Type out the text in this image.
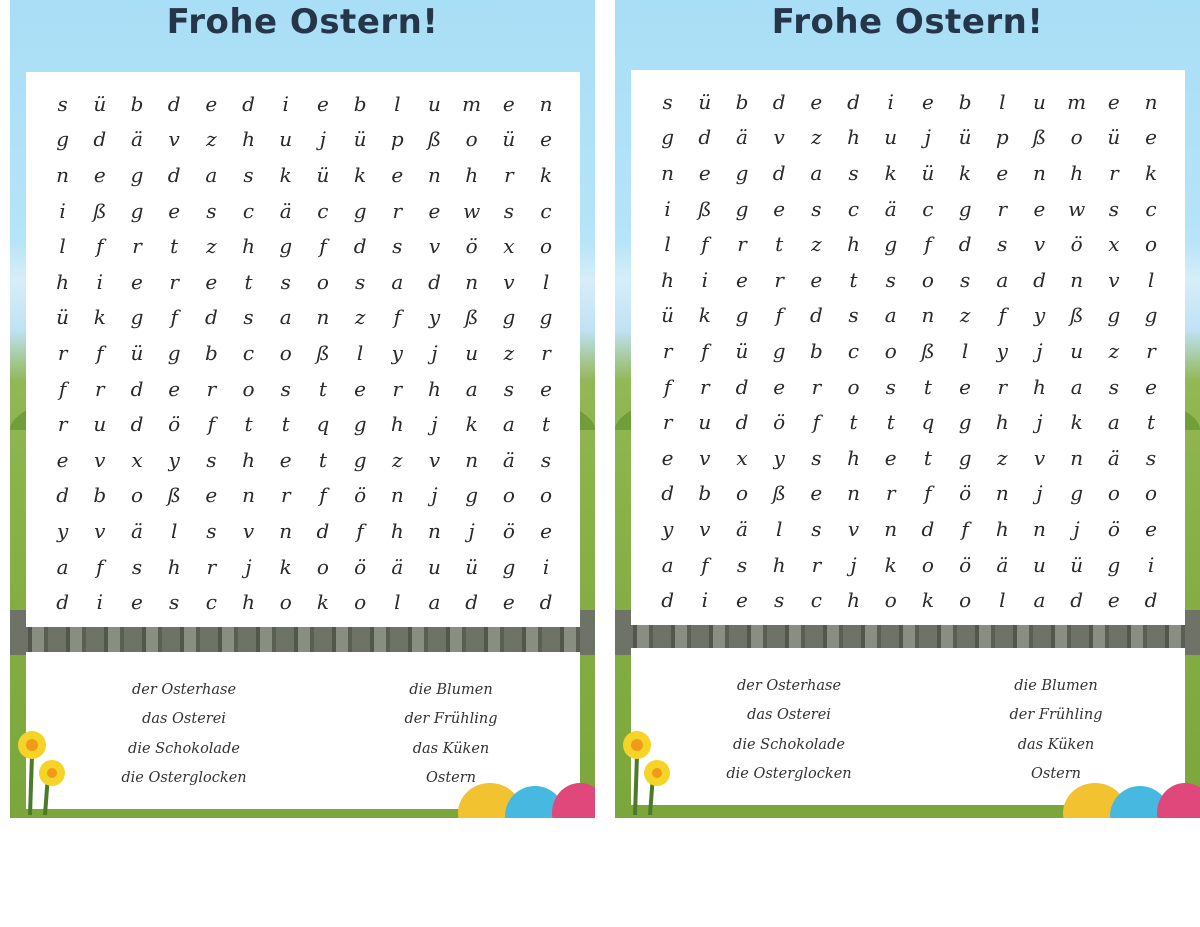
Frohe Ostern!
s	ü	b	d	e	d	i	e	b	l	u	m	e	n
g	d	ä	v	z	h	u	j	ü	p	ß	o	ü	e
n	e	g	d	a	s	k	ü	k	e	n	h	r	k
i	ß	g	e	s	c	ä	c	g	r	e	w	s	c
l	f	r	t	z	h	g	f	d	s	v	ö	x	o
h	i	e	r	e	t	s	o	s	a	d	n	v	l
ü	k	g	f	d	s	a	n	z	f	y	ß	g	g
r	f	ü	g	b	c	o	ß	l	y	j	u	z	r
f	r	d	e	r	o	s	t	e	r	h	a	s	e
r	u	d	ö	f	t	t	q	g	h	j	k	a	t
e	v	x	y	s	h	e	t	g	z	v	n	ä	s
d	b	o	ß	e	n	r	f	ö	n	j	g	o	o
y	v	ä	l	s	v	n	d	f	h	n	j	ö	e
a	f	s	h	r	j	k	o	ö	ä	u	ü	g	i
d	i	e	s	c	h	o	k	o	l	a	d	e	d
der Osterhase
das Osterei
die Schokolade
die Osterglocken
die Blumen
der Frühling
das Küken
Ostern
Frohe Ostern!
s	ü	b	d	e	d	i	e	b	l	u	m	e	n
g	d	ä	v	z	h	u	j	ü	p	ß	o	ü	e
n	e	g	d	a	s	k	ü	k	e	n	h	r	k
i	ß	g	e	s	c	ä	c	g	r	e	w	s	c
l	f	r	t	z	h	g	f	d	s	v	ö	x	o
h	i	e	r	e	t	s	o	s	a	d	n	v	l
ü	k	g	f	d	s	a	n	z	f	y	ß	g	g
r	f	ü	g	b	c	o	ß	l	y	j	u	z	r
f	r	d	e	r	o	s	t	e	r	h	a	s	e
r	u	d	ö	f	t	t	q	g	h	j	k	a	t
e	v	x	y	s	h	e	t	g	z	v	n	ä	s
d	b	o	ß	e	n	r	f	ö	n	j	g	o	o
y	v	ä	l	s	v	n	d	f	h	n	j	ö	e
a	f	s	h	r	j	k	o	ö	ä	u	ü	g	i
d	i	e	s	c	h	o	k	o	l	a	d	e	d
der Osterhase
das Osterei
die Schokolade
die Osterglocken
die Blumen
der Frühling
das Küken
Ostern
